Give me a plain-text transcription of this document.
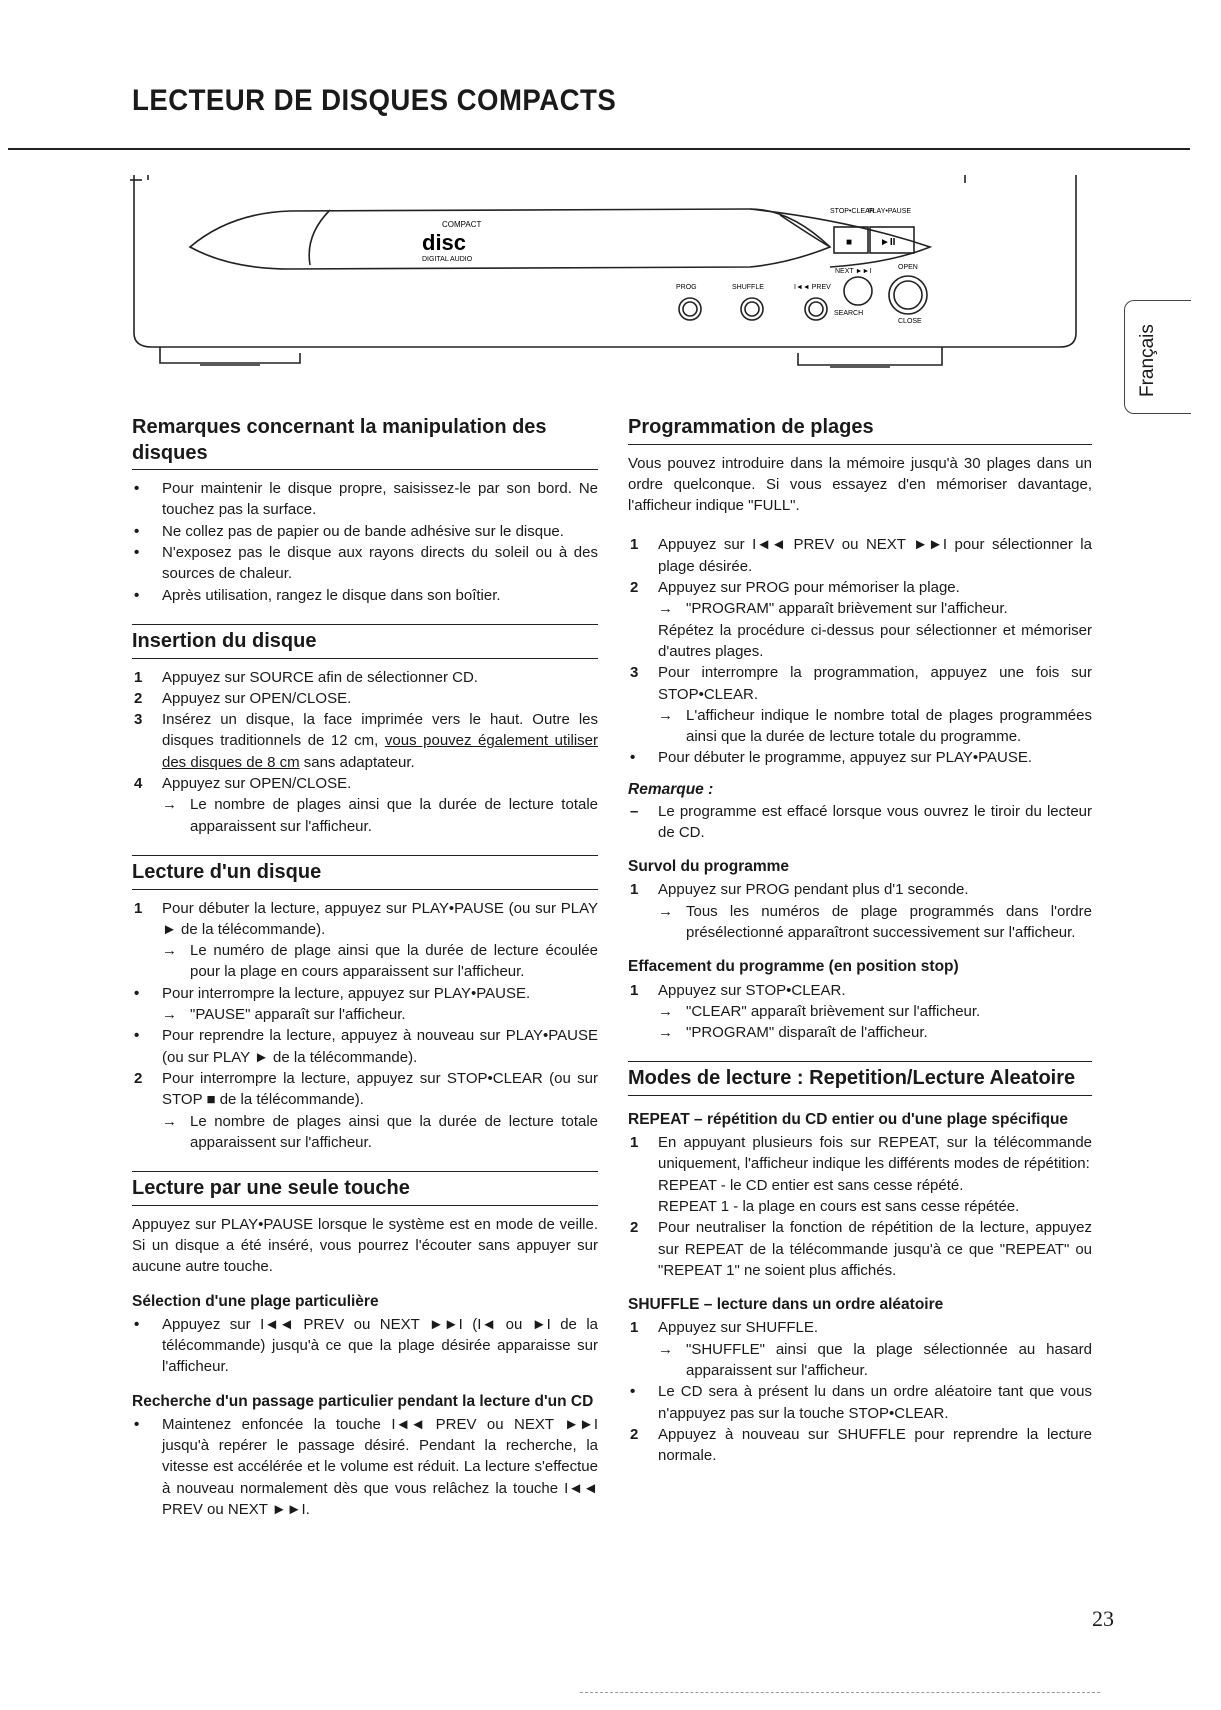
LECTEUR DE DISQUES COMPACTS
COMPACT
disc
DIGITAL AUDIO
STOP•CLEAR
PLAY•PAUSE
■	►II
NEXT ►►I
OPEN
PROG	SHUFFLE	I◄◄ PREV
SEARCH
CLOSE
Français
Remarques concernant la manipulation des disques
• Pour maintenir le disque propre, saisissez-le par son bord. Ne touchez pas la surface.
• Ne collez pas de papier ou de bande adhésive sur le disque.
• N'exposez pas le disque aux rayons directs du soleil ou à des sources de chaleur.
• Après utilisation, rangez le disque dans son boîtier.
Insertion du disque
1 Appuyez sur SOURCE afin de sélectionner CD.
2 Appuyez sur OPEN/CLOSE.
3 Insérez un disque, la face imprimée vers le haut. Outre les disques traditionnels de 12 cm, vous pouvez également utiliser des disques de 8 cm sans adaptateur.
4 Appuyez sur OPEN/CLOSE.
→ Le nombre de plages ainsi que la durée de lecture totale apparaissent sur l'afficheur.
Lecture d'un disque
1 Pour débuter la lecture, appuyez sur PLAY•PAUSE (ou sur PLAY ► de la télécommande).
→ Le numéro de plage ainsi que la durée de lecture écoulée pour la plage en cours apparaissent sur l'afficheur.
• Pour interrompre la lecture, appuyez sur PLAY•PAUSE.
→ "PAUSE" apparaît sur l'afficheur.
• Pour reprendre la lecture, appuyez à nouveau sur PLAY•PAUSE (ou sur PLAY ► de la télécommande).
2 Pour interrompre la lecture, appuyez sur STOP•CLEAR (ou sur STOP ■ de la télécommande).
→ Le nombre de plages ainsi que la durée de lecture totale apparaissent sur l'afficheur.
Lecture par une seule touche

Appuyez sur PLAY•PAUSE lorsque le système est en mode de veille. Si un disque a été inséré, vous pourrez l'écouter sans appuyer sur aucune autre touche.

Sélection d'une plage particulière
• Appuyez sur I◄◄ PREV ou NEXT ►►I (I◄ ou ►I de la télécommande) jusqu'à ce que la plage désirée apparaisse sur l'afficheur.
Recherche d'un passage particulier pendant la lecture d'un CD
• Maintenez enfoncée la touche I◄◄ PREV ou NEXT ►►I jusqu'à repérer le passage désiré. Pendant la recherche, la vitesse est accélérée et le volume est réduit. La lecture s'effectue à nouveau normalement dès que vous relâchez la touche I◄◄ PREV ou NEXT ►►I.
Programmation de plages

Vous pouvez introduire dans la mémoire jusqu'à 30 plages dans un ordre quelconque. Si vous essayez d'en mémoriser davantage, l'afficheur indique "FULL".

1 Appuyez sur I◄◄ PREV ou NEXT ►►I pour sélectionner la plage désirée.
2 Appuyez sur PROG pour mémoriser la plage.
→ "PROGRAM" apparaît brièvement sur l'afficheur.
Répétez la procédure ci-dessus pour sélectionner et mémoriser d'autres plages.
3 Pour interrompre la programmation, appuyez une fois sur STOP•CLEAR.
→ L'afficheur indique le nombre total de plages programmées ainsi que la durée de lecture totale du programme.
• Pour débuter le programme, appuyez sur PLAY•PAUSE.

Remarque :

– Le programme est effacé lorsque vous ouvrez le tiroir du lecteur de CD.
Survol du programme
1 Appuyez sur PROG pendant plus d'1 seconde.
→ Tous les numéros de plage programmés dans l'ordre présélectionné apparaîtront successivement sur l'afficheur.
Effacement du programme (en position stop)
1 Appuyez sur STOP•CLEAR.
→ "CLEAR" apparaît brièvement sur l'afficheur.
→ "PROGRAM" disparaît de l'afficheur.
Modes de lecture : Repetition/Lecture Aleatoire
REPEAT – répétition du CD entier ou d'une plage spécifique
1 En appuyant plusieurs fois sur REPEAT, sur la télécommande uniquement, l'afficheur indique les différents modes de répétition:
REPEAT - le CD entier est sans cesse répété.
REPEAT 1 - la plage en cours est sans cesse répétée.
2 Pour neutraliser la fonction de répétition de la lecture, appuyez sur REPEAT de la télécommande jusqu'à ce que "REPEAT" ou "REPEAT 1" ne soient plus affichés.
SHUFFLE – lecture dans un ordre aléatoire
1 Appuyez sur SHUFFLE.
→ "SHUFFLE" ainsi que la plage sélectionnée au hasard apparaissent sur l'afficheur.
• Le CD sera à présent lu dans un ordre aléatoire tant que vous n'appuyez pas sur la touche STOP•CLEAR.
2 Appuyez à nouveau sur SHUFFLE pour reprendre la lecture normale.
23
